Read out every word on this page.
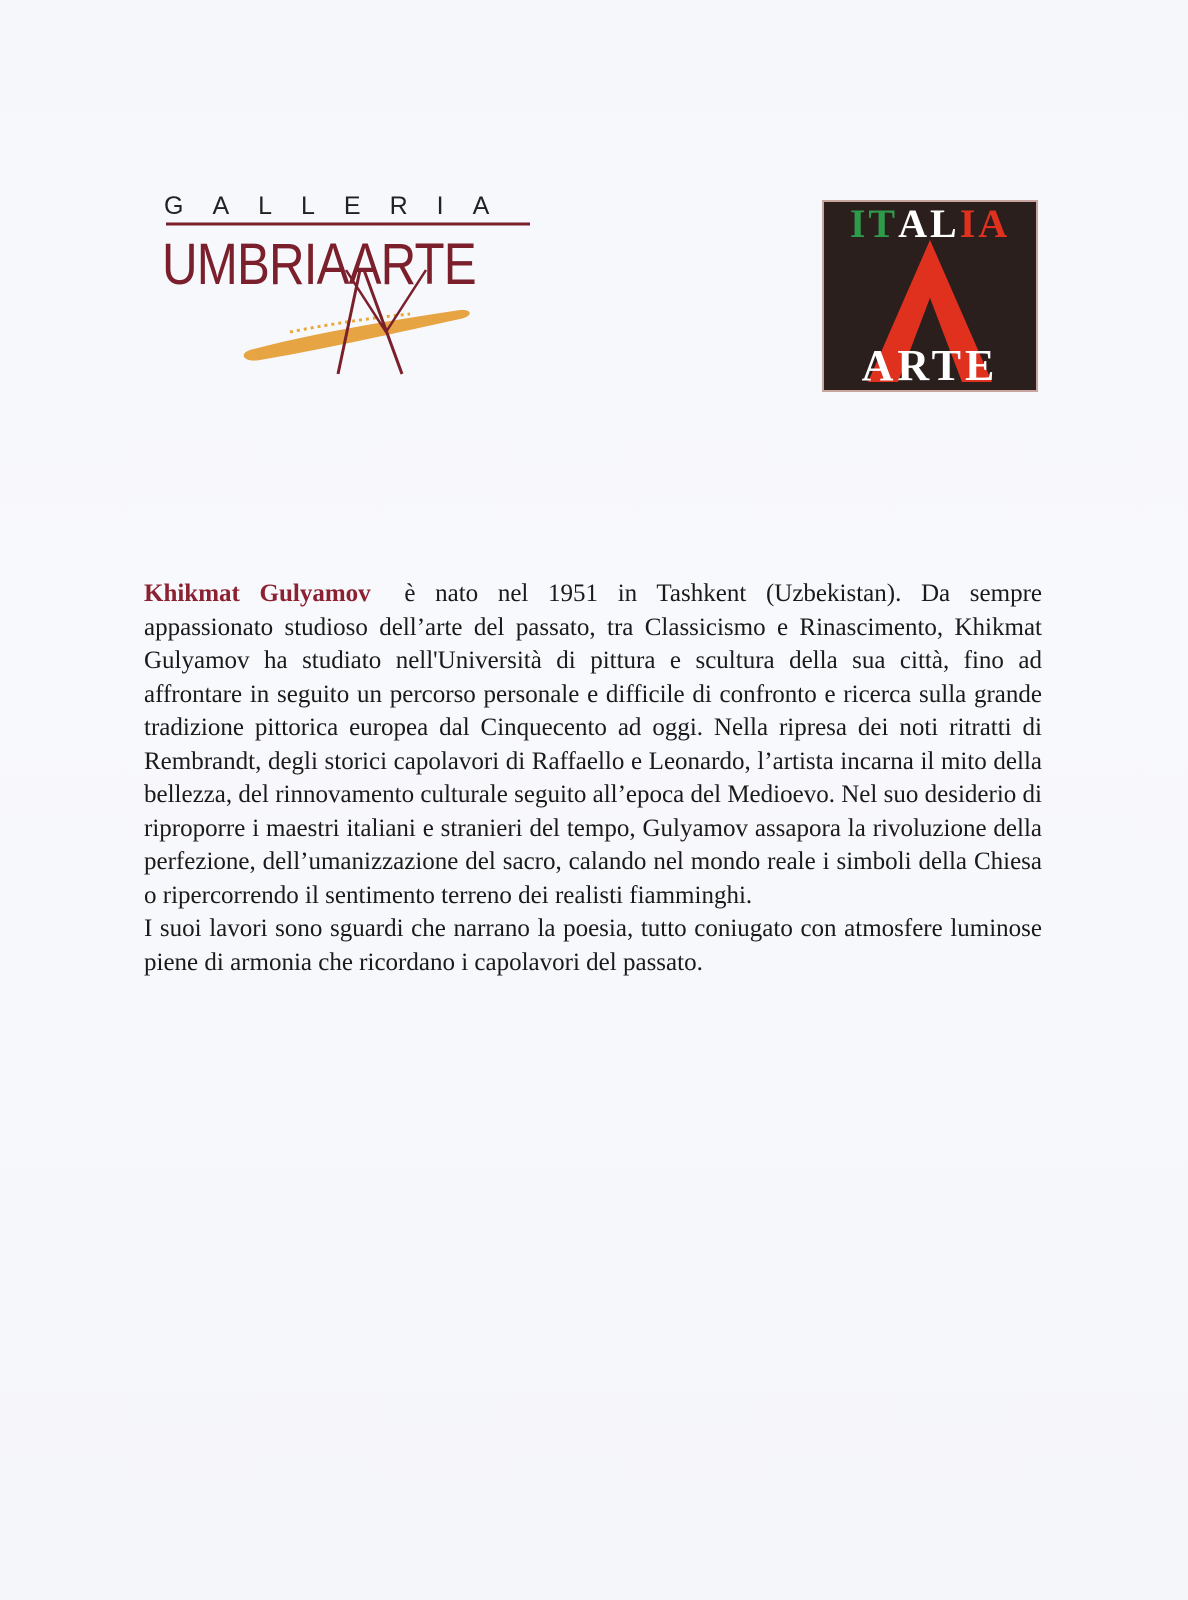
GALLERIA
UMBRIAARTE
ITALIA
ARTE

Khikmat Gulyamov è nato nel 1951 in Tashkent (Uzbekistan). Da sempre appassionato studioso dell’arte del passato, tra Classicismo e Rinascimento, Khikmat Gulyamov ha studiato nell'Università di pittura e scultura della sua città, fino ad affrontare in seguito un percorso personale e difficile di confronto e ricerca sulla grande tradizione pittorica europea dal Cinquecento ad oggi. Nella ripresa dei noti ritratti di Rembrandt, degli storici capolavori di Raffaello e Leonardo, l’artista incarna il mito della bellezza, del rinnovamento culturale seguito all’epoca del Medioevo. Nel suo desiderio di riproporre i maestri italiani e stranieri del tempo, Gulyamov assapora la rivoluzione della perfezione, dell’umanizzazione del sacro, calando nel mondo reale i simboli della Chiesa o ripercorrendo il sentimento terreno dei realisti fiamminghi.

I suoi lavori sono sguardi che narrano la poesia, tutto coniugato con atmosfere luminose piene di armonia che ricordano i capolavori del passato.
